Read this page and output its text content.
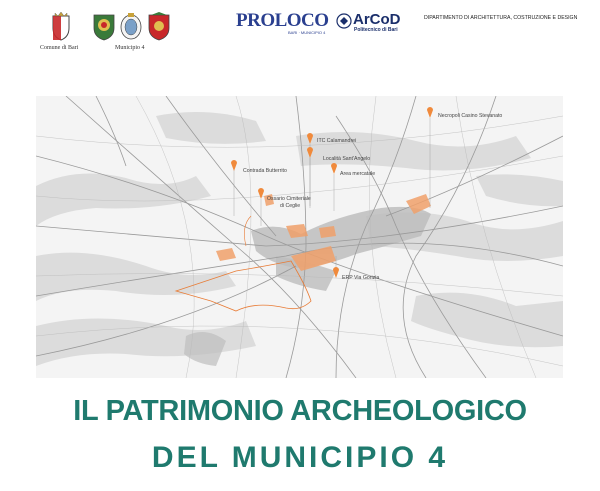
Comune di Bari	Municipio 4
PROLOCO
BARI · MUNICIPIO 4
ArCoD
Politecnico di Bari
DIPARTIMENTO DI ARCHITETTURA, COSTRUZIONE E DESIGN
Necropoli Casino Stevanato
ITC Calamandrei
Località Sant'Angelo
Area mercatale
Contrada Butterrito
Ossario Cimiteriale
di Ceglie
ERP Via Gorizia
IL PATRIMONIO ARCHEOLOGICO
DEL MUNICIPIO 4
